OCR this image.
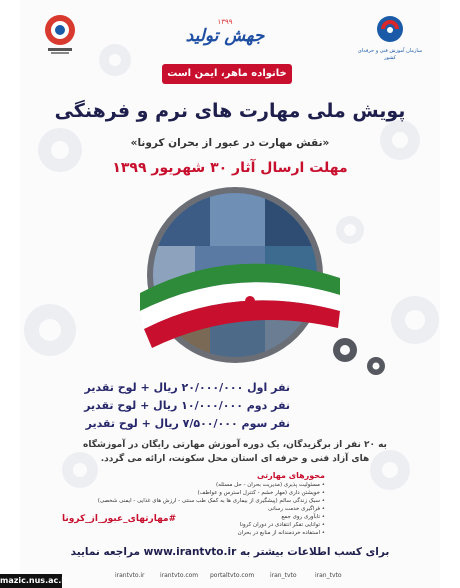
۱۳۹۹
جهش تولید
سازمان آموزش فنی و حرفه‌ای کشور
خانواده ماهر، ایمن است
پویش ملی مهارت های نرم و فرهنگی
«نقش مهارت در عبور از بحران کرونا»
مهلت ارسال آثار ۳۰ شهریور ۱۳۹۹
نفر اول ۲۰/۰۰۰/۰۰۰ ریال + لوح تقدیر
نفر دوم ۱۰/۰۰۰/۰۰۰ ریال + لوح تقدیر
نفر سوم ۷/۵۰۰/۰۰۰ ریال + لوح تقدیر
به ۲۰ نفر از برگزیدگان، یک دوره آموزش مهارتی رایگان در آموزشگاه های آزاد فنی و حرفه ای استان محل سکونت، ارائه می گردد.
محورهای مهارتی
• مسئولیت پذیری (مدیریت بحران - حل مسئله)
• خویشتن داری (مهار خشم - کنترل استرس و عواطف)
• سبک زندگی سالم (پیشگیری از بیماری ها به کمک طب سنتی - ارزش های غذایی - ایمنی شخصی)
• فراگیری خدمت رسانی
• تابآوری روی جمع
• توانایی تفکر انتقادی در دوران کرونا
• استفاده خردمندانه از منابع در بحران
#مهارتهای_عبور_از_کرونا
برای کسب اطلاعات بیشتر به www.irantvto.ir مراجعه نمایید
irantvto.ir	irantvto.com portaltvto.com	iran_tvto	iran_tvto
mazic.nus.ac.ir
